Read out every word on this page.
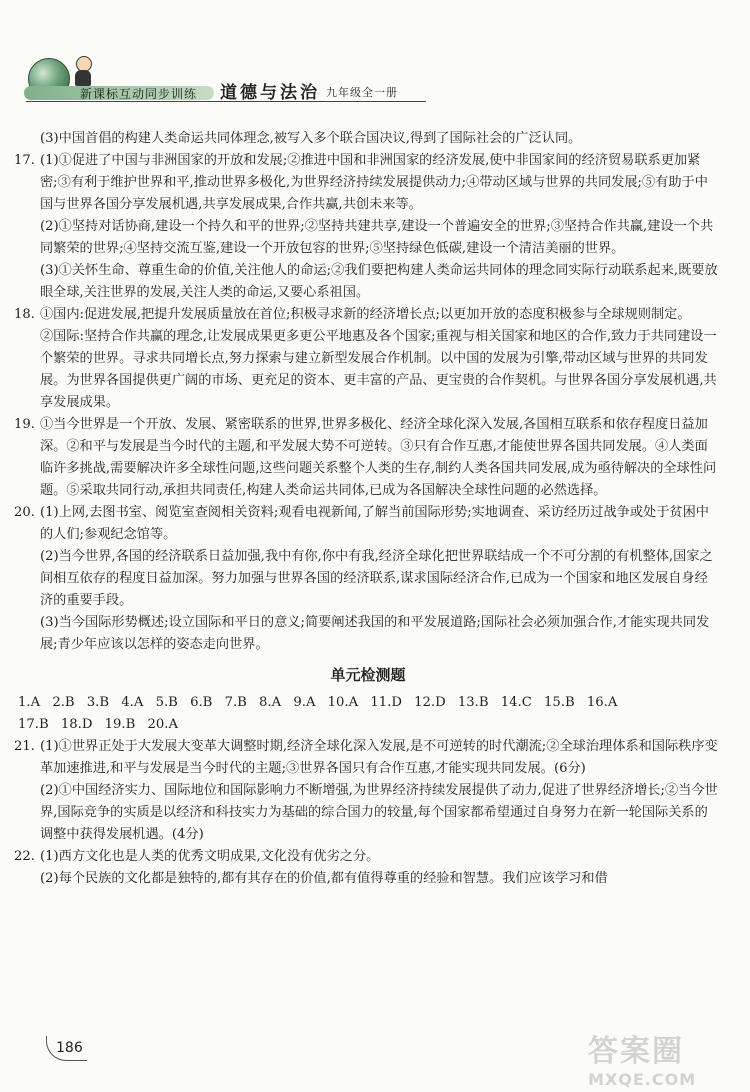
新课标互动同步训练 道德与法治 九年级全一册

(3)中国首倡的构建人类命运共同体理念,被写入多个联合国决议,得到了国际社会的广泛认同。

17. (1)①促进了中国与非洲国家的开放和发展;②推进中国和非洲国家的经济发展,使中非国家间的经济贸易联系更加紧密;③有利于维护世界和平,推动世界多极化,为世界经济持续发展提供动力;④带动区域与世界的共同发展;⑤有助于中国与世界各国分享发展机遇,共享发展成果,合作共赢,共创未来等。

(2)①坚持对话协商,建设一个持久和平的世界;②坚持共建共享,建设一个普遍安全的世界;③坚持合作共赢,建设一个共同繁荣的世界;④坚持交流互鉴,建设一个开放包容的世界;⑤坚持绿色低碳,建设一个清洁美丽的世界。

(3)①关怀生命、尊重生命的价值,关注他人的命运;②我们要把构建人类命运共同体的理念同实际行动联系起来,既要放眼全球,关注世界的发展,关注人类的命运,又要心系祖国。

18. ①国内:促进发展,把提升发展质量放在首位;积极寻求新的经济增长点;以更加开放的态度积极参与全球规则制定。

②国际:坚持合作共赢的理念,让发展成果更多更公平地惠及各个国家;重视与相关国家和地区的合作,致力于共同建设一个繁荣的世界。寻求共同增长点,努力探索与建立新型发展合作机制。以中国的发展为引擎,带动区域与世界的共同发展。为世界各国提供更广阔的市场、更充足的资本、更丰富的产品、更宝贵的合作契机。与世界各国分享发展机遇,共享发展成果。

19. ①当今世界是一个开放、发展、紧密联系的世界,世界多极化、经济全球化深入发展,各国相互联系和依存程度日益加深。②和平与发展是当今时代的主题,和平发展大势不可逆转。③只有合作互惠,才能使世界各国共同发展。④人类面临许多挑战,需要解决许多全球性问题,这些问题关系整个人类的生存,制约人类各国共同发展,成为亟待解决的全球性问题。⑤采取共同行动,承担共同责任,构建人类命运共同体,已成为各国解决全球性问题的必然选择。

20. (1)上网,去图书室、阅览室查阅相关资料;观看电视新闻,了解当前国际形势;实地调查、采访经历过战争或处于贫困中的人们;参观纪念馆等。

(2)当今世界,各国的经济联系日益加强,我中有你,你中有我,经济全球化把世界联结成一个不可分割的有机整体,国家之间相互依存的程度日益加深。努力加强与世界各国的经济联系,谋求国际经济合作,已成为一个国家和地区发展自身经济的重要手段。

(3)当今国际形势概述;设立国际和平日的意义;简要阐述我国的和平发展道路;国际社会必须加强合作,才能实现共同发展;青少年应该以怎样的姿态走向世界。

单元检测题

1.A 2.B 3.B 4.A 5.B 6.B 7.B 8.A 9.A 10.A 11.D 12.D 13.B 14.C 15.B 16.A

17.B 18.D 19.B 20.A

21. (1)①世界正处于大发展大变革大调整时期,经济全球化深入发展,是不可逆转的时代潮流;②全球治理体系和国际秩序变革加速推进,和平与发展是当今时代的主题;③世界各国只有合作互惠,才能实现共同发展。(6分)

(2)①中国经济实力、国际地位和国际影响力不断增强,为世界经济持续发展提供了动力,促进了世界经济增长;②当今世界,国际竞争的实质是以经济和科技实力为基础的综合国力的较量,每个国家都希望通过自身努力在新一轮国际关系的调整中获得发展机遇。(4分)

22. (1)西方文化也是人类的优秀文明成果,文化没有优劣之分。

(2)每个民族的文化都是独特的,都有其存在的价值,都有值得尊重的经验和智慧。我们应该学习和借

186	答案圈
MXQE.COM
